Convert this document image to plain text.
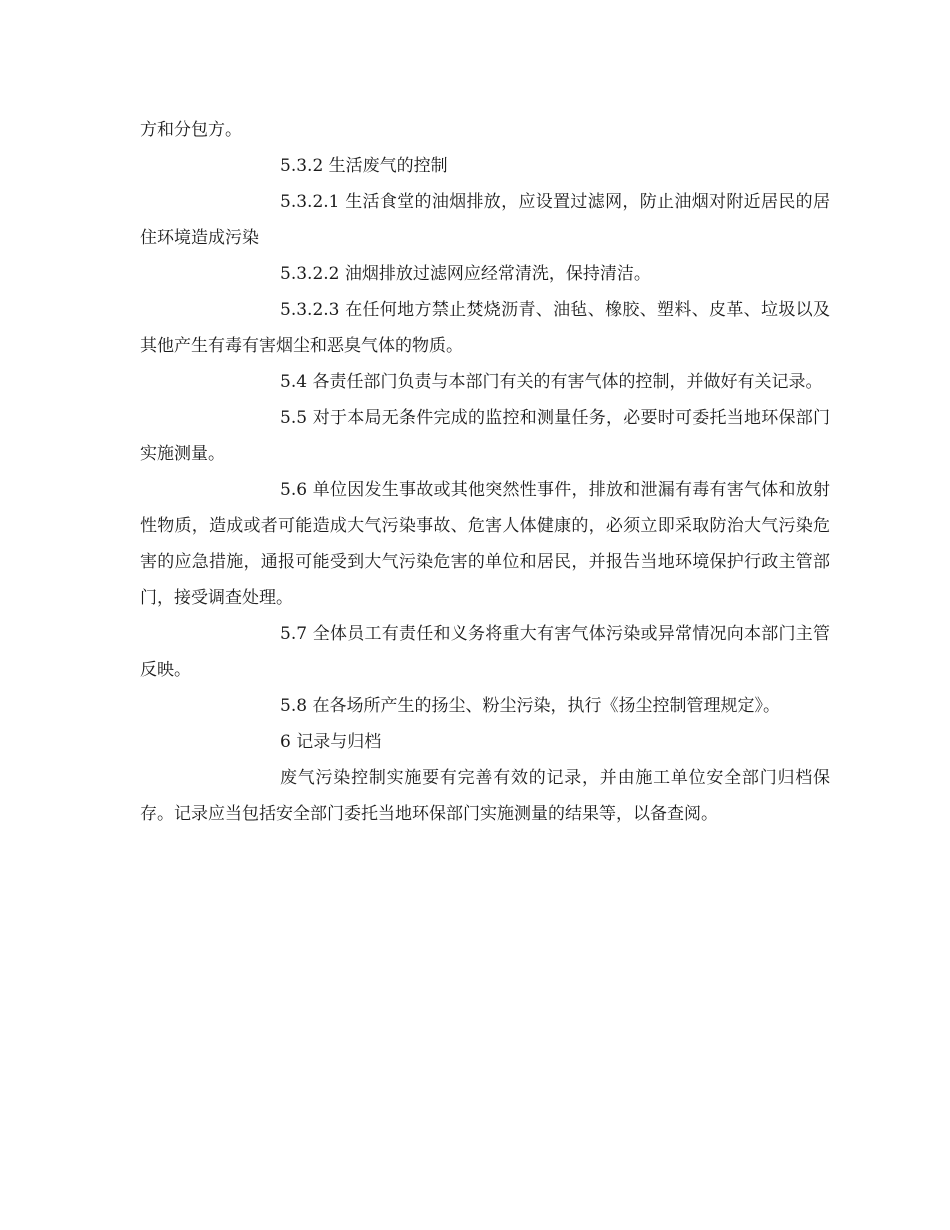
方和分包方。

5.3.2 生活废气的控制

5.3.2.1 生活食堂的油烟排放，应设置过滤网，防止油烟对附近居民的居住环境造成污染

5.3.2.2 油烟排放过滤网应经常清洗，保持清洁。

5.3.2.3 在任何地方禁止焚烧沥青、油毡、橡胶、塑料、皮革、垃圾以及其他产生有毒有害烟尘和恶臭气体的物质。

5.4 各责任部门负责与本部门有关的有害气体的控制，并做好有关记录。

5.5 对于本局无条件完成的监控和测量任务，必要时可委托当地环保部门实施测量。

5.6 单位因发生事故或其他突然性事件，排放和泄漏有毒有害气体和放射性物质，造成或者可能造成大气污染事故、危害人体健康的，必须立即采取防治大气污染危害的应急措施，通报可能受到大气污染危害的单位和居民，并报告当地环境保护行政主管部门，接受调查处理。

5.7 全体员工有责任和义务将重大有害气体污染或异常情况向本部门主管反映。

5.8 在各场所产生的扬尘、粉尘污染，执行《扬尘控制管理规定》。

6 记录与归档

废气污染控制实施要有完善有效的记录，并由施工单位安全部门归档保存。记录应当包括安全部门委托当地环保部门实施测量的结果等，以备查阅。
